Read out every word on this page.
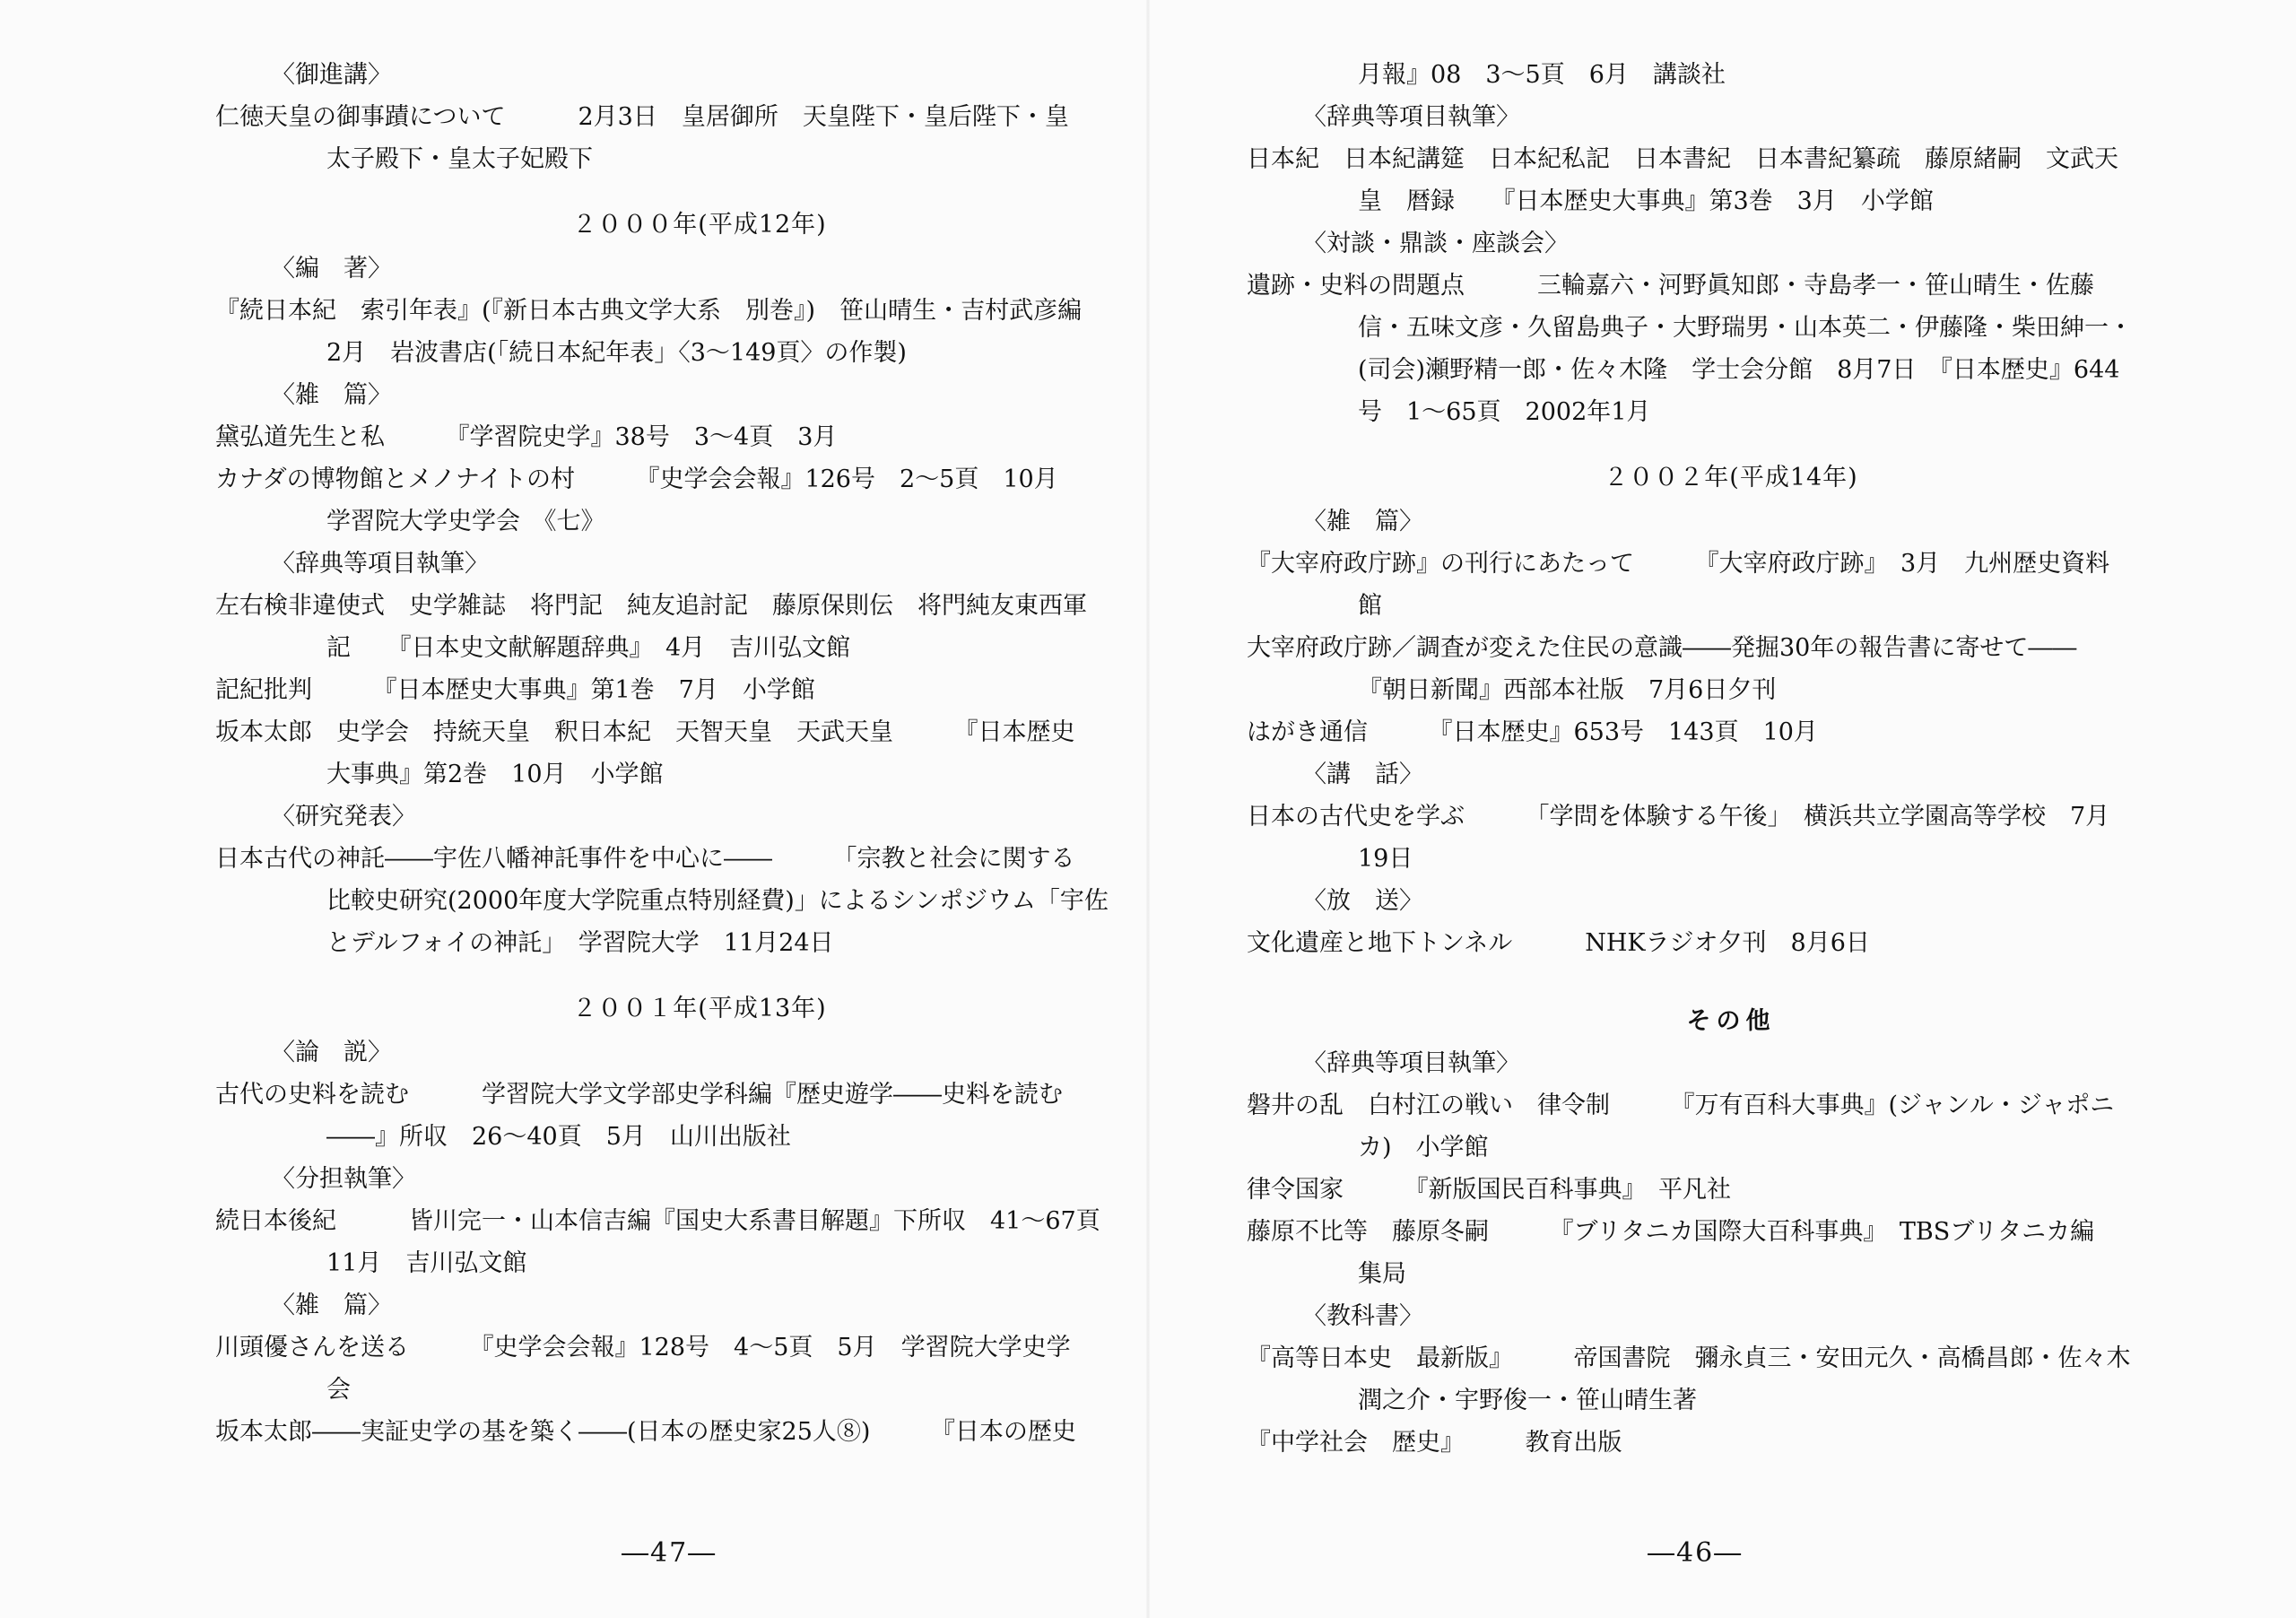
〈御進講〉
仁徳天皇の御事蹟について　　　2月3日　皇居御所　天皇陛下・皇后陛下・皇
太子殿下・皇太子妃殿下
２０００年(平成12年)
〈編　著〉
『続日本紀　索引年表』(『新日本古典文学大系　別巻』)　笹山晴生・吉村武彦編
2月　岩波書店(「続日本紀年表」〈3～149頁〉の作製)
〈雑　篇〉
黛弘道先生と私　　　『学習院史学』38号　3～4頁　3月
カナダの博物館とメノナイトの村　　　『史学会会報』126号　2～5頁　10月
学習院大学史学会　《七》
〈辞典等項目執筆〉
左右検非違使式　史学雑誌　将門記　純友追討記　藤原保則伝　将門純友東西軍
記　　『日本史文献解題辞典』　4月　吉川弘文館
記紀批判　　　『日本歴史大事典』第1巻　7月　小学館
坂本太郎　史学会　持統天皇　釈日本紀　天智天皇　天武天皇　　　『日本歴史
大事典』第2巻　10月　小学館
〈研究発表〉
日本古代の神託――宇佐八幡神託事件を中心に――　　　「宗教と社会に関する
比較史研究(2000年度大学院重点特別経費)」によるシンポジウム「宇佐
とデルフォイの神託」　学習院大学　11月24日
２００１年(平成13年)
〈論　説〉
古代の史料を読む　　　学習院大学文学部史学科編『歴史遊学――史料を読む
――』所収　26～40頁　5月　山川出版社
〈分担執筆〉
続日本後紀　　　皆川完一・山本信吉編『国史大系書目解題』下所収　41～67頁
11月　吉川弘文館
〈雑　篇〉
川頭優さんを送る　　　『史学会会報』128号　4～5頁　5月　学習院大学史学
会
坂本太郎――実証史学の基を築く――(日本の歴史家25人⑧)　　　『日本の歴史
―47―
月報』08　3～5頁　6月　講談社
〈辞典等項目執筆〉
日本紀　日本紀講筵　日本紀私記　日本書紀　日本書紀纂疏　藤原緒嗣　文武天
皇　暦録　　『日本歴史大事典』第3巻　3月　小学館
〈対談・鼎談・座談会〉
遺跡・史料の問題点　　　三輪嘉六・河野眞知郎・寺島孝一・笹山晴生・佐藤
信・五味文彦・久留島典子・大野瑞男・山本英二・伊藤隆・柴田紳一・
(司会)瀬野精一郎・佐々木隆　学士会分館　8月7日　『日本歴史』644
号　1～65頁　2002年1月
２００２年(平成14年)
〈雑　篇〉
『大宰府政庁跡』の刊行にあたって　　　『大宰府政庁跡』　3月　九州歴史資料
館
大宰府政庁跡／調査が変えた住民の意識――発掘30年の報告書に寄せて――
『朝日新聞』西部本社版　7月6日夕刊
はがき通信　　　『日本歴史』653号　143頁　10月
〈講　話〉
日本の古代史を学ぶ　　　「学問を体験する午後」　横浜共立学園高等学校　7月
19日
〈放　送〉
文化遺産と地下トンネル　　　NHKラジオ夕刊　8月6日
その他
〈辞典等項目執筆〉
磐井の乱　白村江の戦い　律令制　　　『万有百科大事典』(ジャンル・ジャポニ
カ)　小学館
律令国家　　　『新版国民百科事典』　平凡社
藤原不比等　藤原冬嗣　　　『ブリタニカ国際大百科事典』　TBSブリタニカ編
集局
〈教科書〉
『高等日本史　最新版』　　　帝国書院　彌永貞三・安田元久・高橋昌郎・佐々木
潤之介・宇野俊一・笹山晴生著
『中学社会　歴史』　　　教育出版
―46―
